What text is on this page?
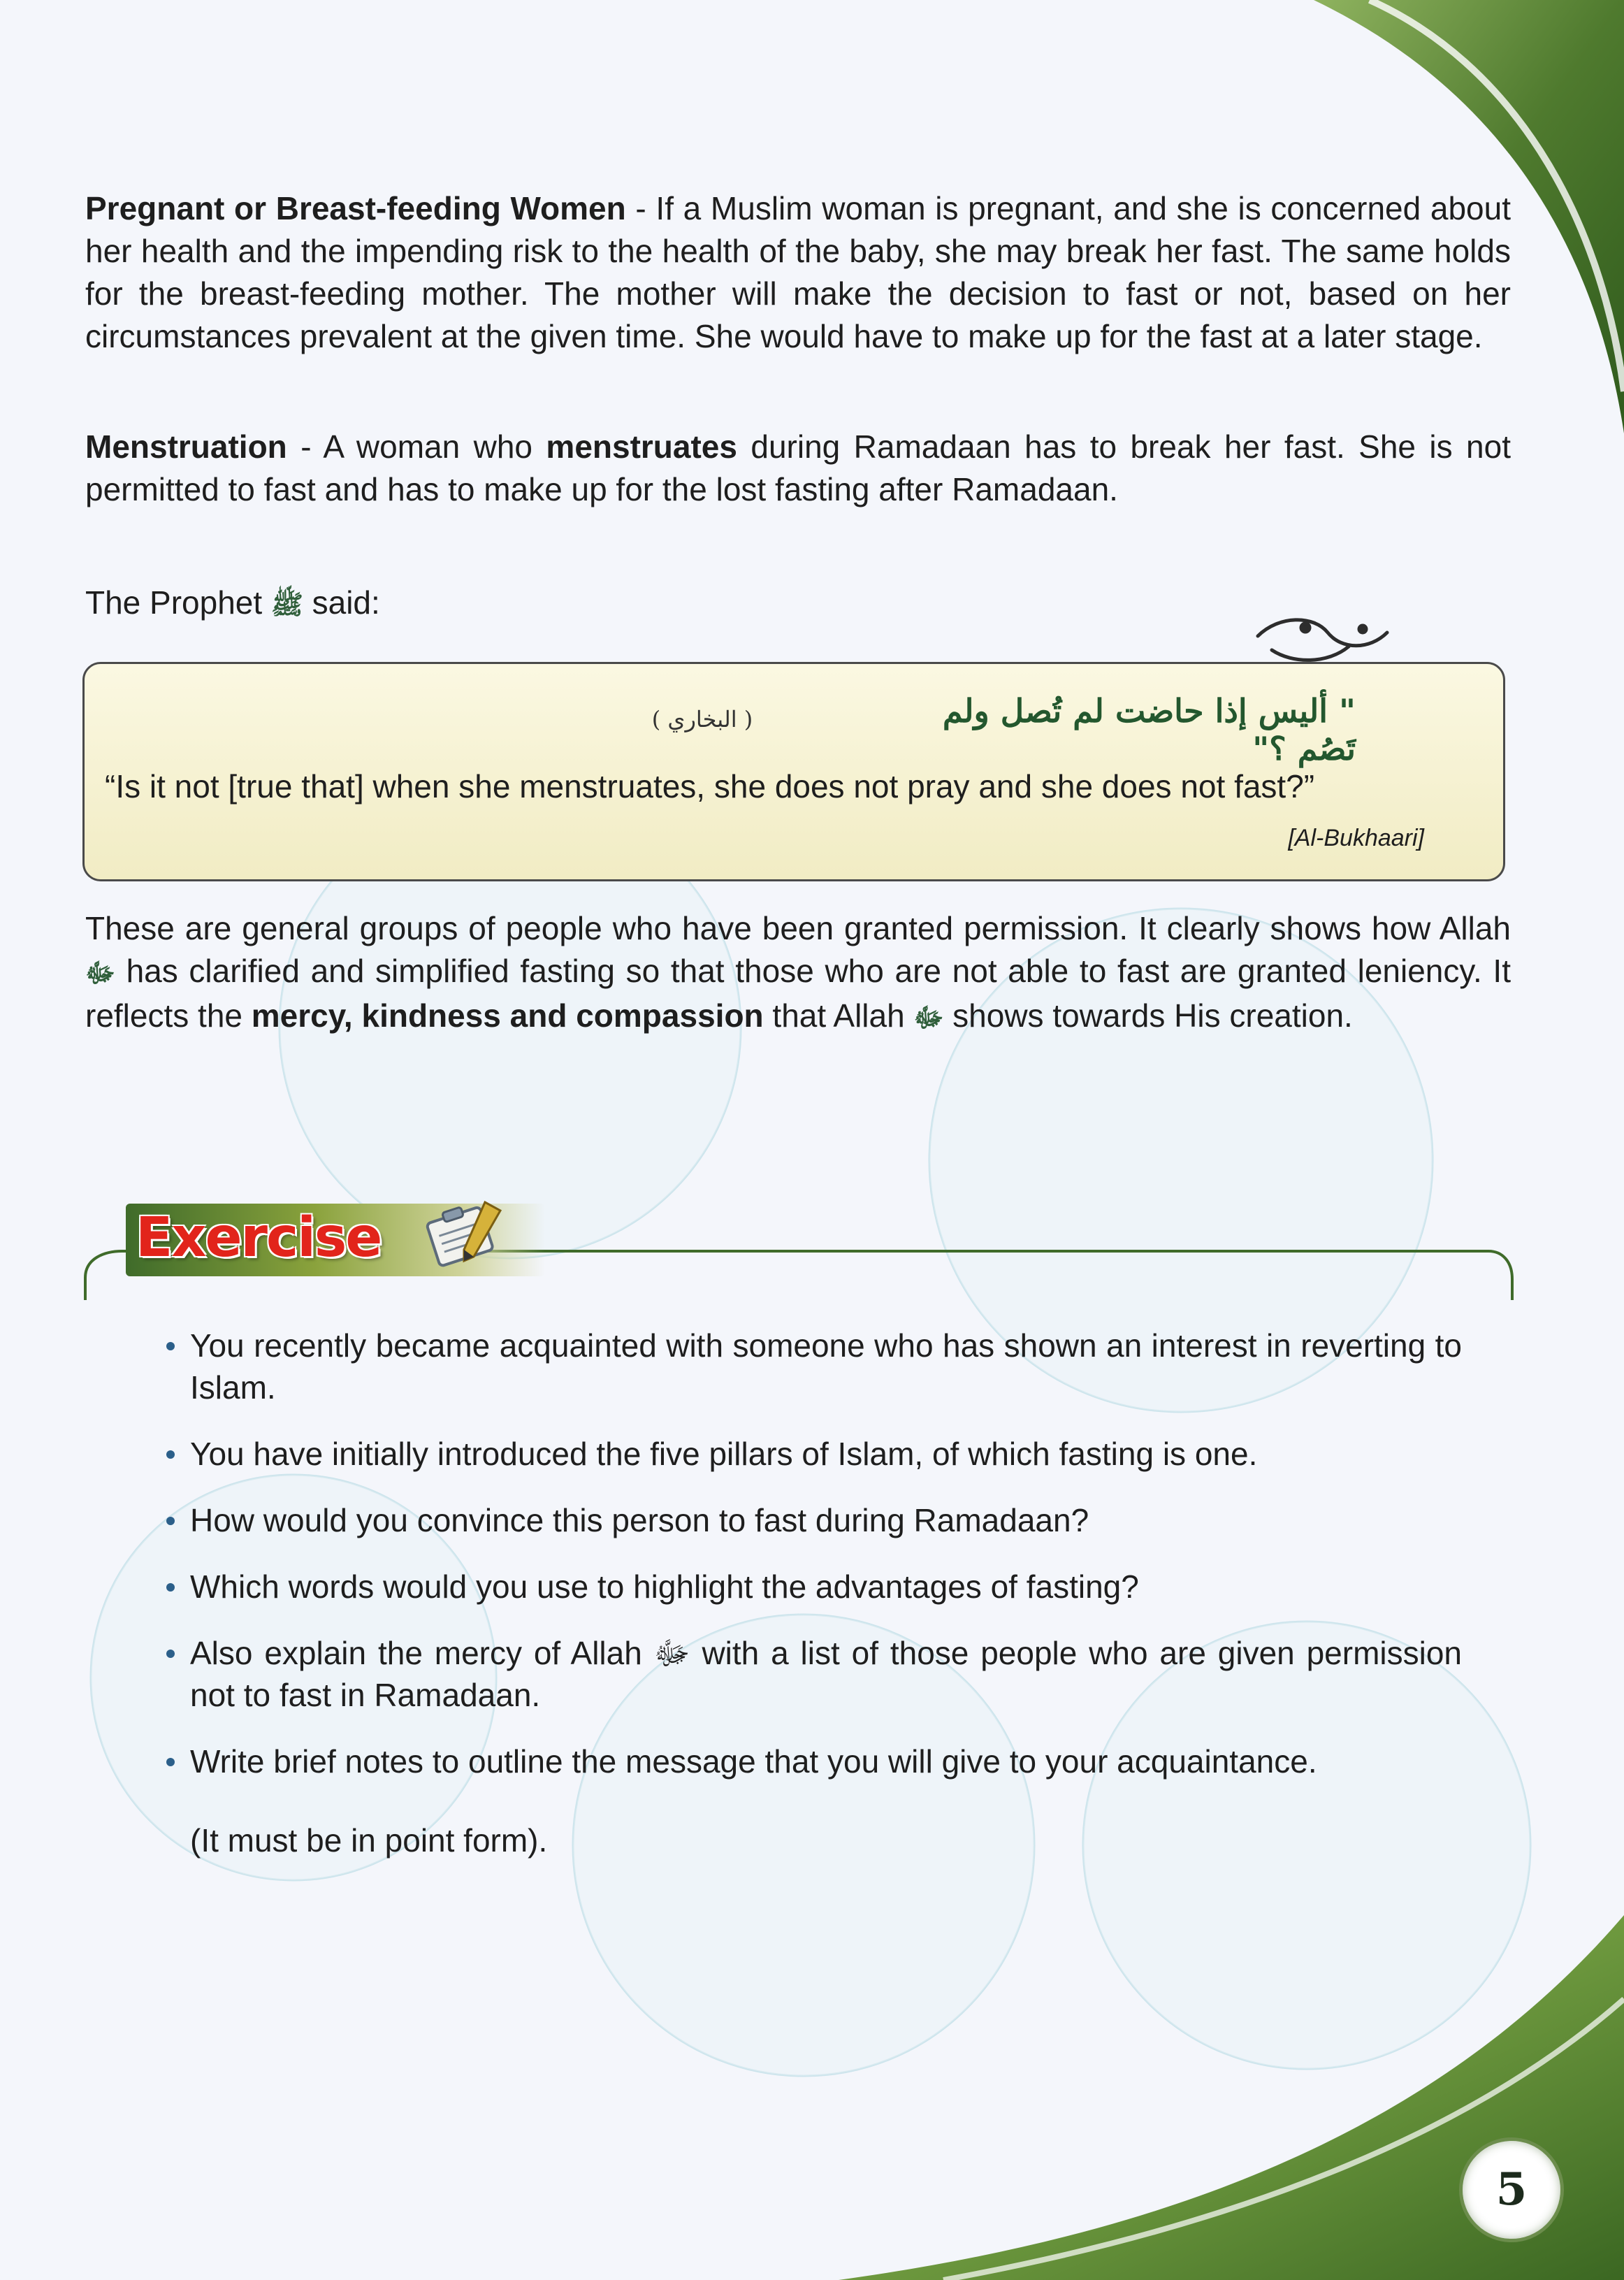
Pregnant or Breast-feeding Women - If a Muslim woman is pregnant, and she is concerned about her health and the impending risk to the health of the baby, she may break her fast. The same holds for the breast-feeding mother. The mother will make the decision to fast or not, based on her circumstances prevalent at the given time. She would have to make up for the fast at a later stage.

Menstruation - A woman who menstruates during Ramadaan has to break her fast. She is not permitted to fast and has to make up for the lost fasting after Ramadaan.

The Prophet ﷺ said:

" أليس إذا حاضت لم تُصل ولم تَصُم ؟"
( البخاري )

“Is it not [true that] when she menstruates, she does not pray and she does not fast?”

[Al-Bukhaari]

These are general groups of people who have been granted permission. It clearly shows how Allah ﷻ has clarified and simplified fasting so that those who are not able to fast are granted leniency. It reflects the mercy, kindness and compassion that Allah ﷻ shows towards His creation.

Exercise
You recently became acquainted with someone who has shown an interest in reverting to Islam.
You have initially introduced the five pillars of Islam, of which fasting is one.
How would you convince this person to fast during Ramadaan?
Which words would you use to highlight the advantages of fasting?
Also explain the mercy of Allah ﷻ with a list of those people who are given permission not to fast in Ramadaan.
Write brief notes to outline the message that you will give to your acquaintance.

(It must be in point form).

5
